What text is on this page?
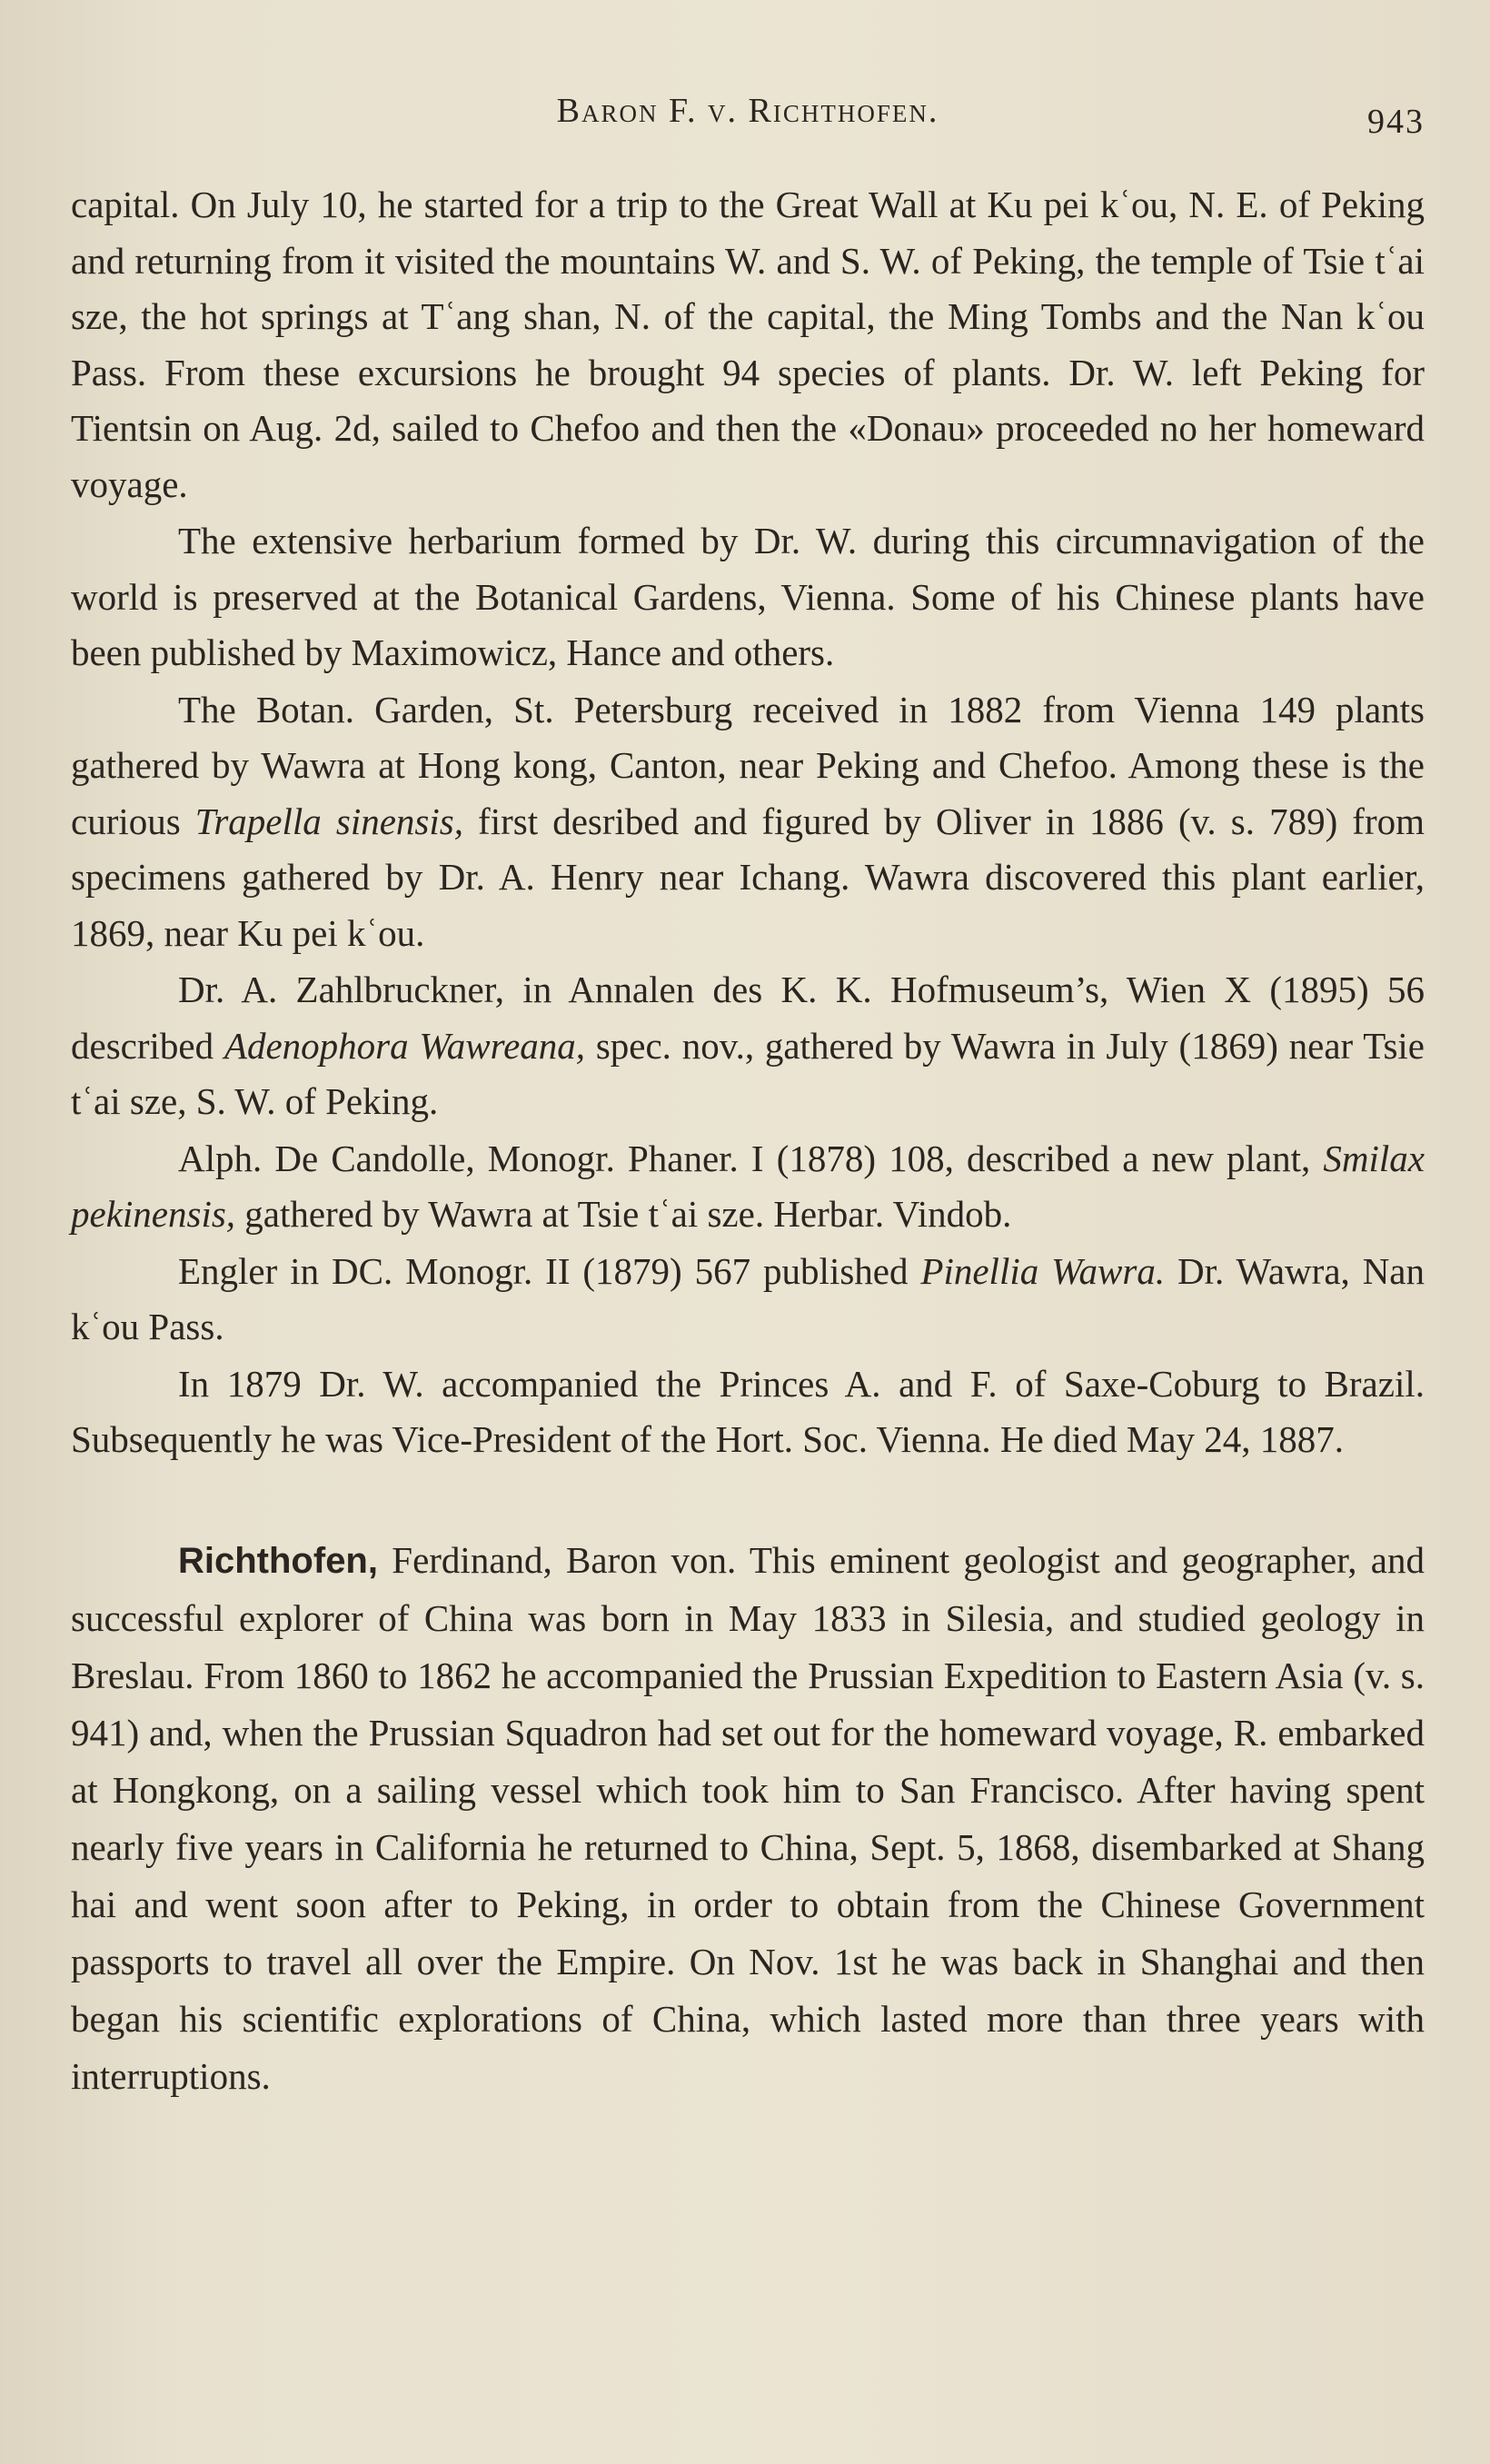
Baron F. v. Richthofen.	943

capital. On July 10, he started for a trip to the Great Wall at Ku pei kʿou, N. E. of Peking and returning from it visited the mountains W. and S. W. of Peking, the temple of Tsie tʿai sze, the hot springs at Tʿang shan, N. of the capital, the Ming Tombs and the Nan kʿou Pass. From these excursions he brought 94 species of plants. Dr. W. left Peking for Tientsin on Aug. 2d, sailed to Chefoo and then the «Donau» proceeded no her homeward voyage.

The extensive herbarium formed by Dr. W. during this circumnavigation of the world is preserved at the Botanical Gardens, Vienna. Some of his Chinese plants have been published by Maximowicz, Hance and others.

The Botan. Garden, St. Petersburg received in 1882 from Vienna 149 plants gathered by Wawra at Hong kong, Canton, near Peking and Chefoo. Among these is the curious Trapella sinensis, first desribed and figured by Oliver in 1886 (v. s. 789) from specimens gathered by Dr. A. Henry near Ichang. Wawra discovered this plant earlier, 1869, near Ku pei kʿou.

Dr. A. Zahlbruckner, in Annalen des K. K. Hofmuseum’s, Wien X (1895) 56 described Adenophora Wawreana, spec. nov., gathered by Wawra in July (1869) near Tsie tʿai sze, S. W. of Peking.

Alph. De Candolle, Monogr. Phaner. I (1878) 108, described a new plant, Smilax pekinensis, gathered by Wawra at Tsie tʿai sze. Herbar. Vindob.

Engler in DC. Monogr. II (1879) 567 published Pinellia Wawra. Dr. Wawra, Nan kʿou Pass.

In 1879 Dr. W. accompanied the Princes A. and F. of Saxe-Coburg to Brazil. Subsequently he was Vice-President of the Hort. Soc. Vienna. He died May 24, 1887.

Richthofen, Ferdinand, Baron von. This eminent geologist and geographer, and successful explorer of China was born in May 1833 in Silesia, and studied geology in Breslau. From 1860 to 1862 he accompanied the Prussian Expedition to Eastern Asia (v. s. 941) and, when the Prussian Squadron had set out for the homeward voyage, R. embarked at Hongkong, on a sailing vessel which took him to San Francisco. After having spent nearly five years in California he returned to China, Sept. 5, 1868, disembarked at Shang hai and went soon after to Peking, in order to obtain from the Chinese Government passports to travel all over the Empire. On Nov. 1st he was back in Shanghai and then began his scientific explorations of China, which lasted more than three years with interruptions.
